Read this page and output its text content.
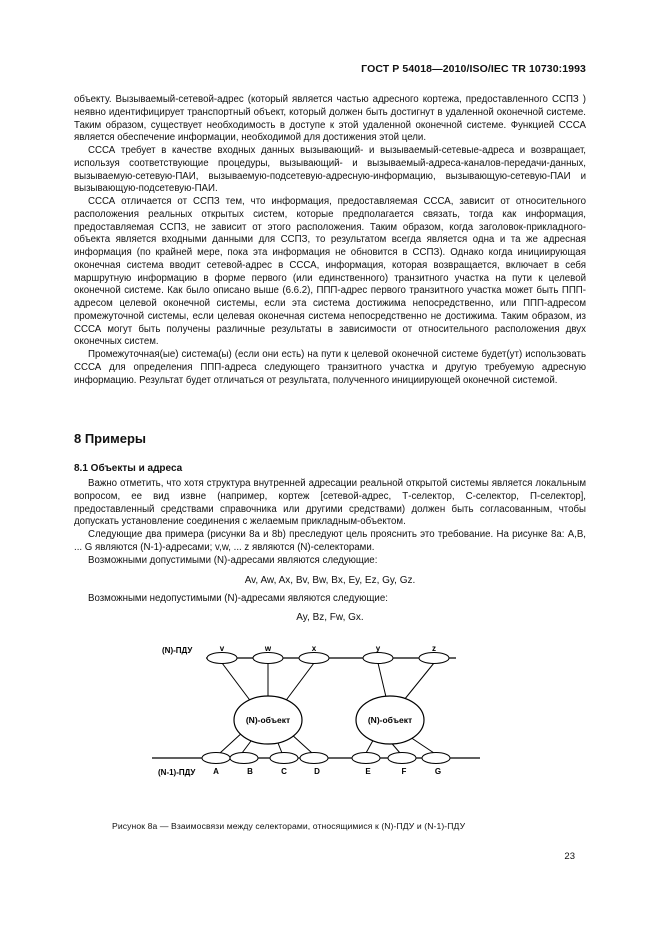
ГОСТ Р 54018—2010/ISO/IEC TR 10730:1993

объекту. Вызываемый-сетевой-адрес (который является частью адресного кортежа, предоставленного ССПЗ ) неявно идентифицирует транспортный объект, который должен быть достигнут в удаленной оконечной системе. Таким образом, существует необходимость в доступе к этой удаленной оконечной системе. Функцией СССА является обеспечение информации, необходимой для достижения этой цели.

СССА требует в качестве входных данных вызывающий- и вызываемый-сетевые-адреса и возвращает, используя соответствующие процедуры, вызывающий- и вызываемый-адреса-каналов-передачи-данных, вызываемую-сетевую-ПАИ, вызываемую-подсетевую-адресную-информацию, вызывающую-сетевую-ПАИ и вызывающую-подсетевую-ПАИ.

СССА отличается от ССПЗ тем, что информация, предоставляемая СССА, зависит от относительного расположения реальных открытых систем, которые предполагается связать, тогда как информация, предоставляемая ССПЗ, не зависит от этого расположения. Таким образом, когда заголовок-прикладного-объекта является входными данными для ССПЗ, то результатом всегда является одна и та же адресная информация (по крайней мере, пока эта информация не обновится в ССПЗ). Однако когда инициирующая оконечная система вводит сетевой-адрес в СССА, информация, которая возвращается, включает в себя маршрутную информацию в форме первого (или единственного) транзитного участка на пути к целевой оконечной системе. Как было описано выше (6.6.2), ППП-адрес первого транзитного участка может быть ППП-адресом целевой оконечной системы, если эта система достижима непосредственно, или ППП-адресом промежуточной системы, если целевая оконечная система непосредственно не достижима. Таким образом, из СССА могут быть получены различные результаты в зависимости от относительного расположения двух оконечных систем.

Промежуточная(ые) система(ы) (если они есть) на пути к целевой оконечной системе будет(ут) использовать СССА для определения ППП-адреса следующего транзитного участка и другую требуемую адресную информацию. Результат будет отличаться от результата, полученного инициирующей оконечной системой.

8 Примеры
8.1 Объекты и адреса

Важно отметить, что хотя структура внутренней адресации реальной открытой системы является локальным вопросом, ее вид извне (например, кортеж [сетевой-адрес, Т-селектор, С-селектор, П-селектор], предоставленный средствами справочника или другими средствами) должен быть согласованным, чтобы допускать установление соединения с желаемым прикладным-объектом.

Следующие два примера (рисунки 8а и 8b) преследуют цель прояснить это требование. На рисунке 8а: A,B, ... G являются (N-1)-адресами; v,w, ... z являются (N)-селекторами.

Возможными допустимыми (N)-адресами являются следующие:

Av, Aw, Ax, Bv, Bw, Bx, Ey, Ez, Gy, Gz.

Возможными недопустимыми (N)-адресами являются следующие:

Ay, Bz, Fw, Gx.
(N)-ПДУ
(N-1)-ПДУ
(N)-объект	(N)-объект
v	w	x	y	z
A	B	C	D	E	F	G
Рисунок 8а — Взаимосвязи между селекторами, относящимися к (N)-ПДУ и (N-1)-ПДУ
23
